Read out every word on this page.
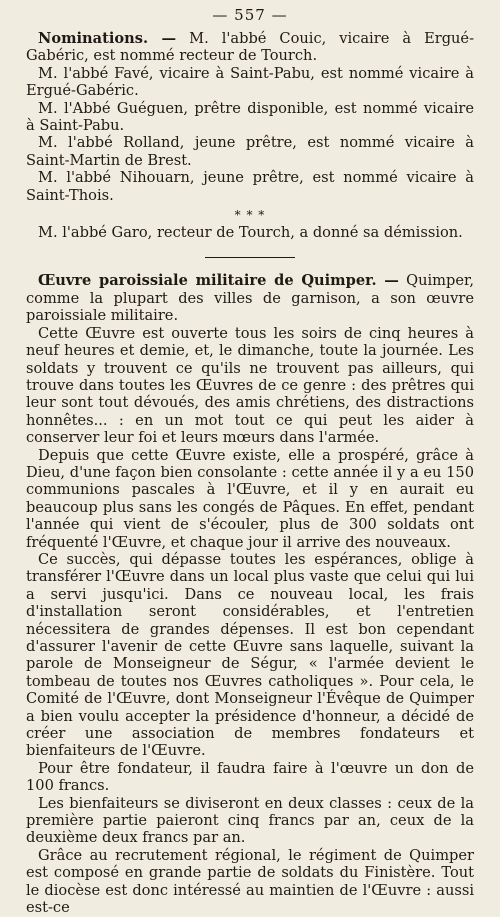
— 557 —

Nominations. — M. l'abbé Couic, vicaire à Ergué-Gabéric, est nommé recteur de Tourch.

M. l'abbé Favé, vicaire à Saint-Pabu, est nommé vicaire à Ergué-Gabéric.

M. l'Abbé Guéguen, prêtre disponible, est nommé vicaire à Saint-Pabu.

M. l'abbé Rolland, jeune prêtre, est nommé vicaire à Saint-Martin de Brest.

M. l'abbé Nihouarn, jeune prêtre, est nommé vicaire à Saint-Thois.

* * *

M. l'abbé Garo, recteur de Tourch, a donné sa démission.

Œuvre paroissiale militaire de Quimper. — Quimper, comme la plupart des villes de garnison, a son œuvre paroissiale militaire.

Cette Œuvre est ouverte tous les soirs de cinq heures à neuf heures et demie, et, le dimanche, toute la journée. Les soldats y trouvent ce qu'ils ne trouvent pas ailleurs, qui trouve dans toutes les Œuvres de ce genre : des prêtres qui leur sont tout dévoués, des amis chrétiens, des distractions honnêtes... : en un mot tout ce qui peut les aider à conserver leur foi et leurs mœurs dans l'armée.

Depuis que cette Œuvre existe, elle a prospéré, grâce à Dieu, d'une façon bien consolante : cette année il y a eu 150 communions pascales à l'Œuvre, et il y en aurait eu beaucoup plus sans les congés de Pâques. En effet, pendant l'année qui vient de s'écouler, plus de 300 soldats ont fréquenté l'Œuvre, et chaque jour il arrive des nouveaux.

Ce succès, qui dépasse toutes les espérances, oblige à transférer l'Œuvre dans un local plus vaste que celui qui lui a servi jusqu'ici. Dans ce nouveau local, les frais d'installation seront considérables, et l'entretien nécessitera de grandes dépenses. Il est bon cependant d'assurer l'avenir de cette Œuvre sans laquelle, suivant la parole de Monseigneur de Ségur, « l'armée devient le tombeau de toutes nos Œuvres catholiques ». Pour cela, le Comité de l'Œuvre, dont Monseigneur l'Évêque de Quimper a bien voulu accepter la présidence d'honneur, a décidé de créer une association de membres fondateurs et bienfaiteurs de l'Œuvre.

Pour être fondateur, il faudra faire à l'œuvre un don de 100 francs.

Les bienfaiteurs se diviseront en deux classes : ceux de la première partie paieront cinq francs par an, ceux de la deuxième deux francs par an.

Grâce au recrutement régional, le régiment de Quimper est composé en grande partie de soldats du Finistère. Tout le diocèse est donc intéressé au maintien de l'Œuvre : aussi est-ce
